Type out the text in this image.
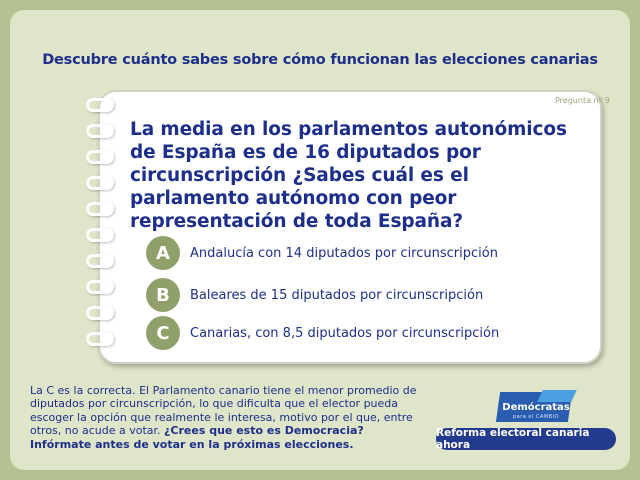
Descubre cuánto sabes sobre cómo funcionan las elecciones canarias
Pregunta nº 9
La media en los parlamentos autonómicos de España es de 16 diputados por circunscripción ¿Sabes cuál es el parlamento autónomo con peor representación de toda España?
A	Andalucía con 14 diputados por circunscripción
B	Baleares de 15 diputados por circunscripción
C	Canarias, con 8,5 diputados por circunscripción
La C es la correcta. El Parlamento canario tiene el menor promedio de diputados por circunscripción, lo que dificulta que el elector pueda escoger la opción que realmente le interesa, motivo por el que, entre otros, no acude a votar. ¿Crees que esto es Democracia? Infórmate antes de votar en la próximas elecciones.
Demócratas
para el CAMBIO
Reforma electoral canaria ahora
